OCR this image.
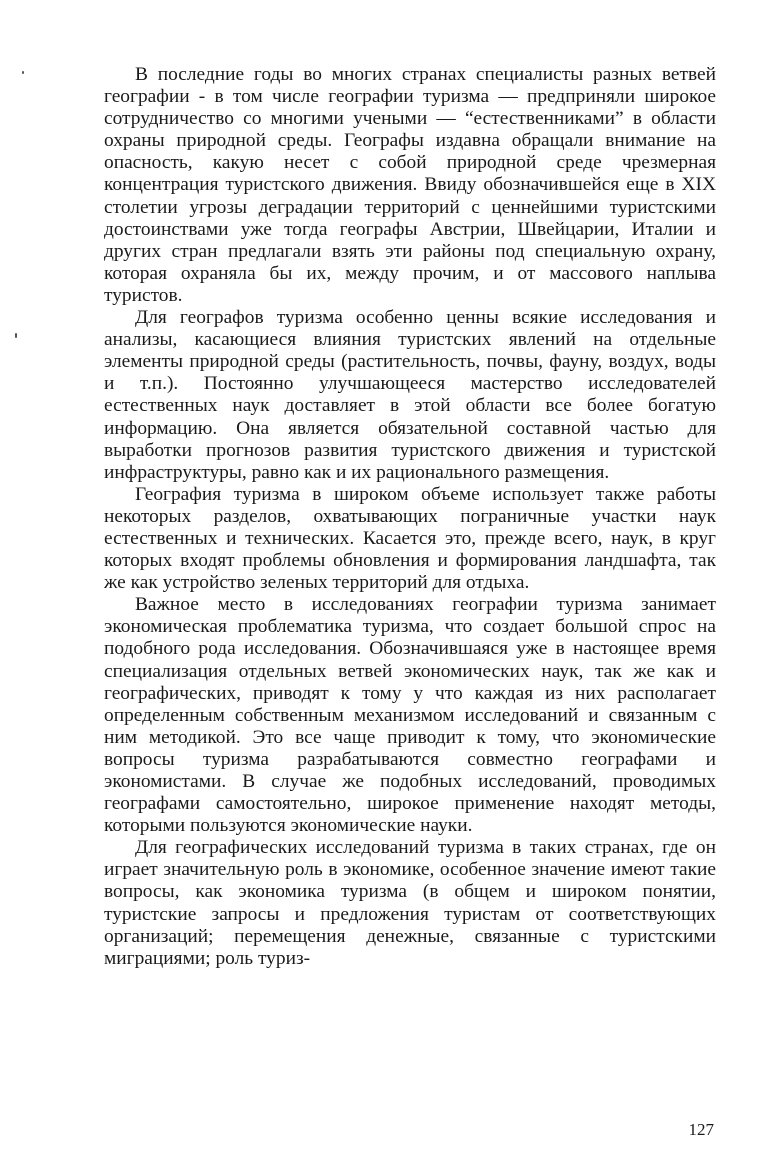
В последние годы во многих странах специалисты разных ветвей географии - в том числе географии туризма — предприняли широкое сотрудничество со многими учеными — “естественниками” в области охраны природной среды. Географы издавна обращали внимание на опасность, какую несет с собой природной среде чрезмерная концентрация туристского движения. Ввиду обозначившейся еще в XIX столетии угрозы деградации территорий с ценнейшими туристскими достоинствами уже тогда географы Австрии, Швейцарии, Италии и других стран предлагали взять эти районы под специальную охрану, которая охраняла бы их, между прочим, и от массового наплыва туристов.

Для географов туризма особенно ценны всякие исследования и анализы, касающиеся влияния туристских явлений на отдельные элементы природной среды (растительность, почвы, фауну, воздух, воды и т.п.). Постоянно улучшающееся мастерство исследователей естественных наук доставляет в этой области все более богатую информацию. Она является обязательной составной частью для выработки прогнозов развития туристского движения и туристской инфраструктуры, равно как и их рационального размещения.

География туризма в широком объеме использует также работы некоторых разделов, охватывающих пограничные участки наук естественных и технических. Касается это, прежде всего, наук, в круг которых входят проблемы обновления и формирования ландшафта, так же как устройство зеленых территорий для отдыха.

Важное место в исследованиях географии туризма занимает экономическая проблематика туризма, что создает большой спрос на подобного рода исследования. Обозначившаяся уже в настоящее время специализация отдельных ветвей экономических наук, так же как и географических, приводят к тому у что каждая из них располагает определенным собственным механизмом исследований и связанным с ним методикой. Это все чаще приводит к тому, что экономические вопросы туризма разрабатываются совместно географами и экономистами. В случае же подобных исследований, проводимых географами самостоятельно, широкое применение находят методы, которыми пользуются экономические науки.

Для географических исследований туризма в таких странах, где он играет значительную роль в экономике, особенное значение имеют такие вопросы, как экономика туризма (в общем и широком понятии, туристские запросы и предложения туристам от соответствующих организаций; перемещения денежные, связанные с туристскими миграциями; роль туриз-

127
